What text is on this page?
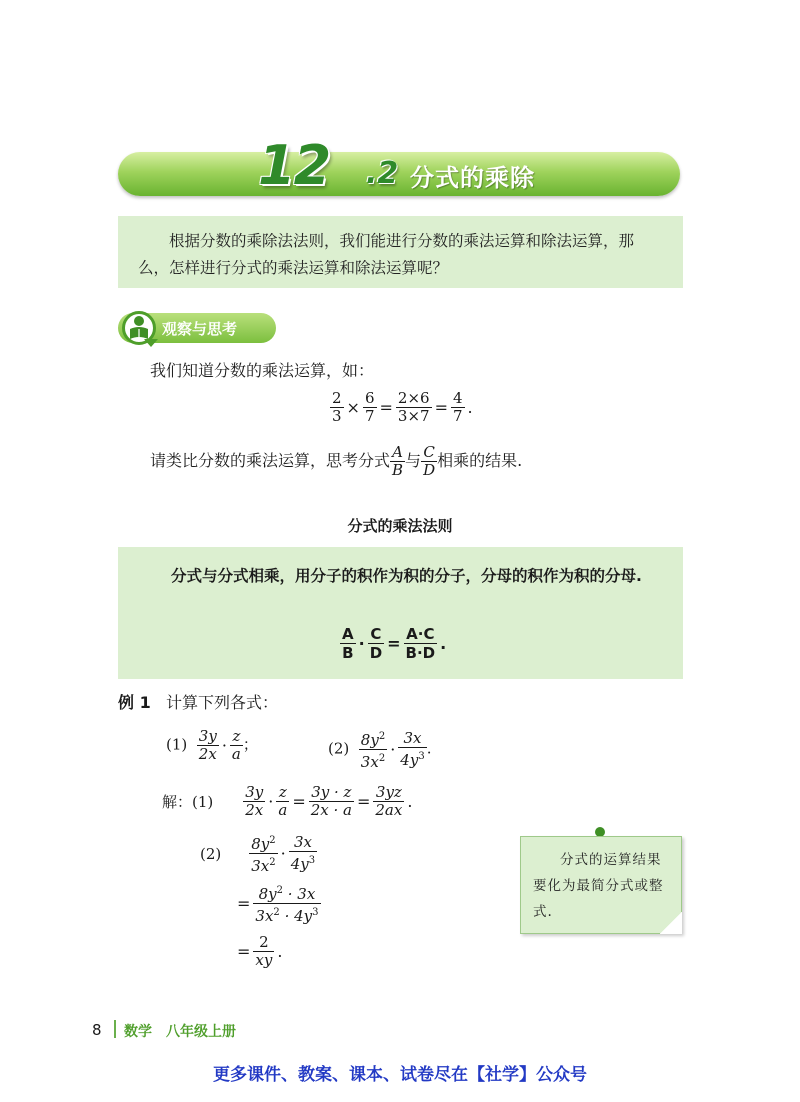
12 .2 分式的乘除

根据分数的乘除法法则，我们能进行分数的乘法运算和除法运算，那么，怎样进行分式的乘法运算和除法运算呢？

观察与思考
我们知道分数的乘法运算，如：
$\frac{2}{3} \times \frac{6}{7} = \frac{2\times 6}{3\times 7} = \frac{4}{7}$ .
请类比分数的乘法运算，思考分式 $\frac{A}{B}$ 与 $\frac{C}{D}$ 相乘的结果.
分式的乘法法则

分式与分式相乘，用分子的积作为积的分子，分母的积作为积的分母.

$\frac{A}{B} \cdot \frac{C}{D} = \frac{A\cdot C}{B\cdot D}$ .
例 1 计算下列各式：
$(1) \frac{3y}{2x} \cdot \frac{z}{a}$ ；	$(2) \frac{8y^2}{3x^2} \cdot \frac{3x}{4y^3}$ .
解：$(1) \frac{3y}{2x} \cdot \frac{z}{a} = \frac{3y \cdot z}{2x \cdot a} = \frac{3yz}{2ax}$ .
$(2) \frac{8y^2}{3x^2} \cdot \frac{3x}{4y^3}$
= $\frac{8y^2 \cdot 3x}{3x^2 \cdot 4y^3}$
= $\frac{2}{xy}$ .

分式的运算结果要化为最简分式或整式.

8 数学　八年级上册
更多课件、教案、课本、试卷尽在【社学】公众号
